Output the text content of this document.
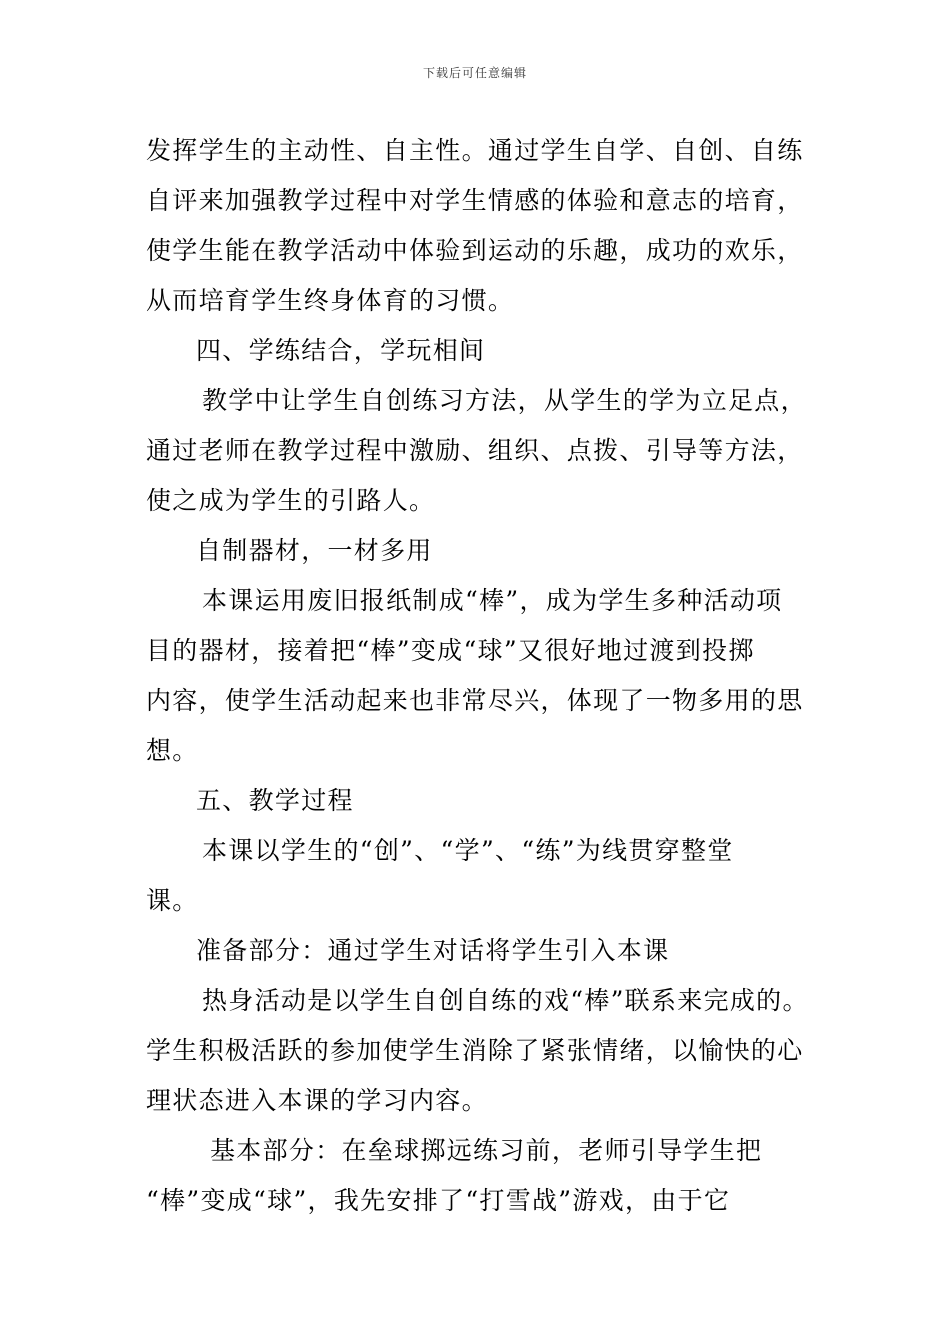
下载后可任意编辑
发挥学生的主动性、自主性。通过学生自学、自创、自练
自评来加强教学过程中对学生情感的体验和意志的培育，
使学生能在教学活动中体验到运动的乐趣，成功的欢乐，
从而培育学生终身体育的习惯。
四、学练结合，学玩相间
教学中让学生自创练习方法，从学生的学为立足点，
通过老师在教学过程中激励、组织、点拨、引导等方法，
使之成为学生的引路人。
自制器材，一材多用
本课运用废旧报纸制成“棒”，成为学生多种活动项
目的器材，接着把“棒”变成“球”又很好地过渡到投掷
内容，使学生活动起来也非常尽兴，体现了一物多用的思
想。
五、教学过程
本课以学生的“创”、“学”、“练”为线贯穿整堂
课。
准备部分：通过学生对话将学生引入本课
热身活动是以学生自创自练的戏“棒”联系来完成的。
学生积极活跃的参加使学生消除了紧张情绪，以愉快的心
理状态进入本课的学习内容。
基本部分：在垒球掷远练习前，老师引导学生把
“棒”变成“球”，我先安排了“打雪战”游戏，由于它
